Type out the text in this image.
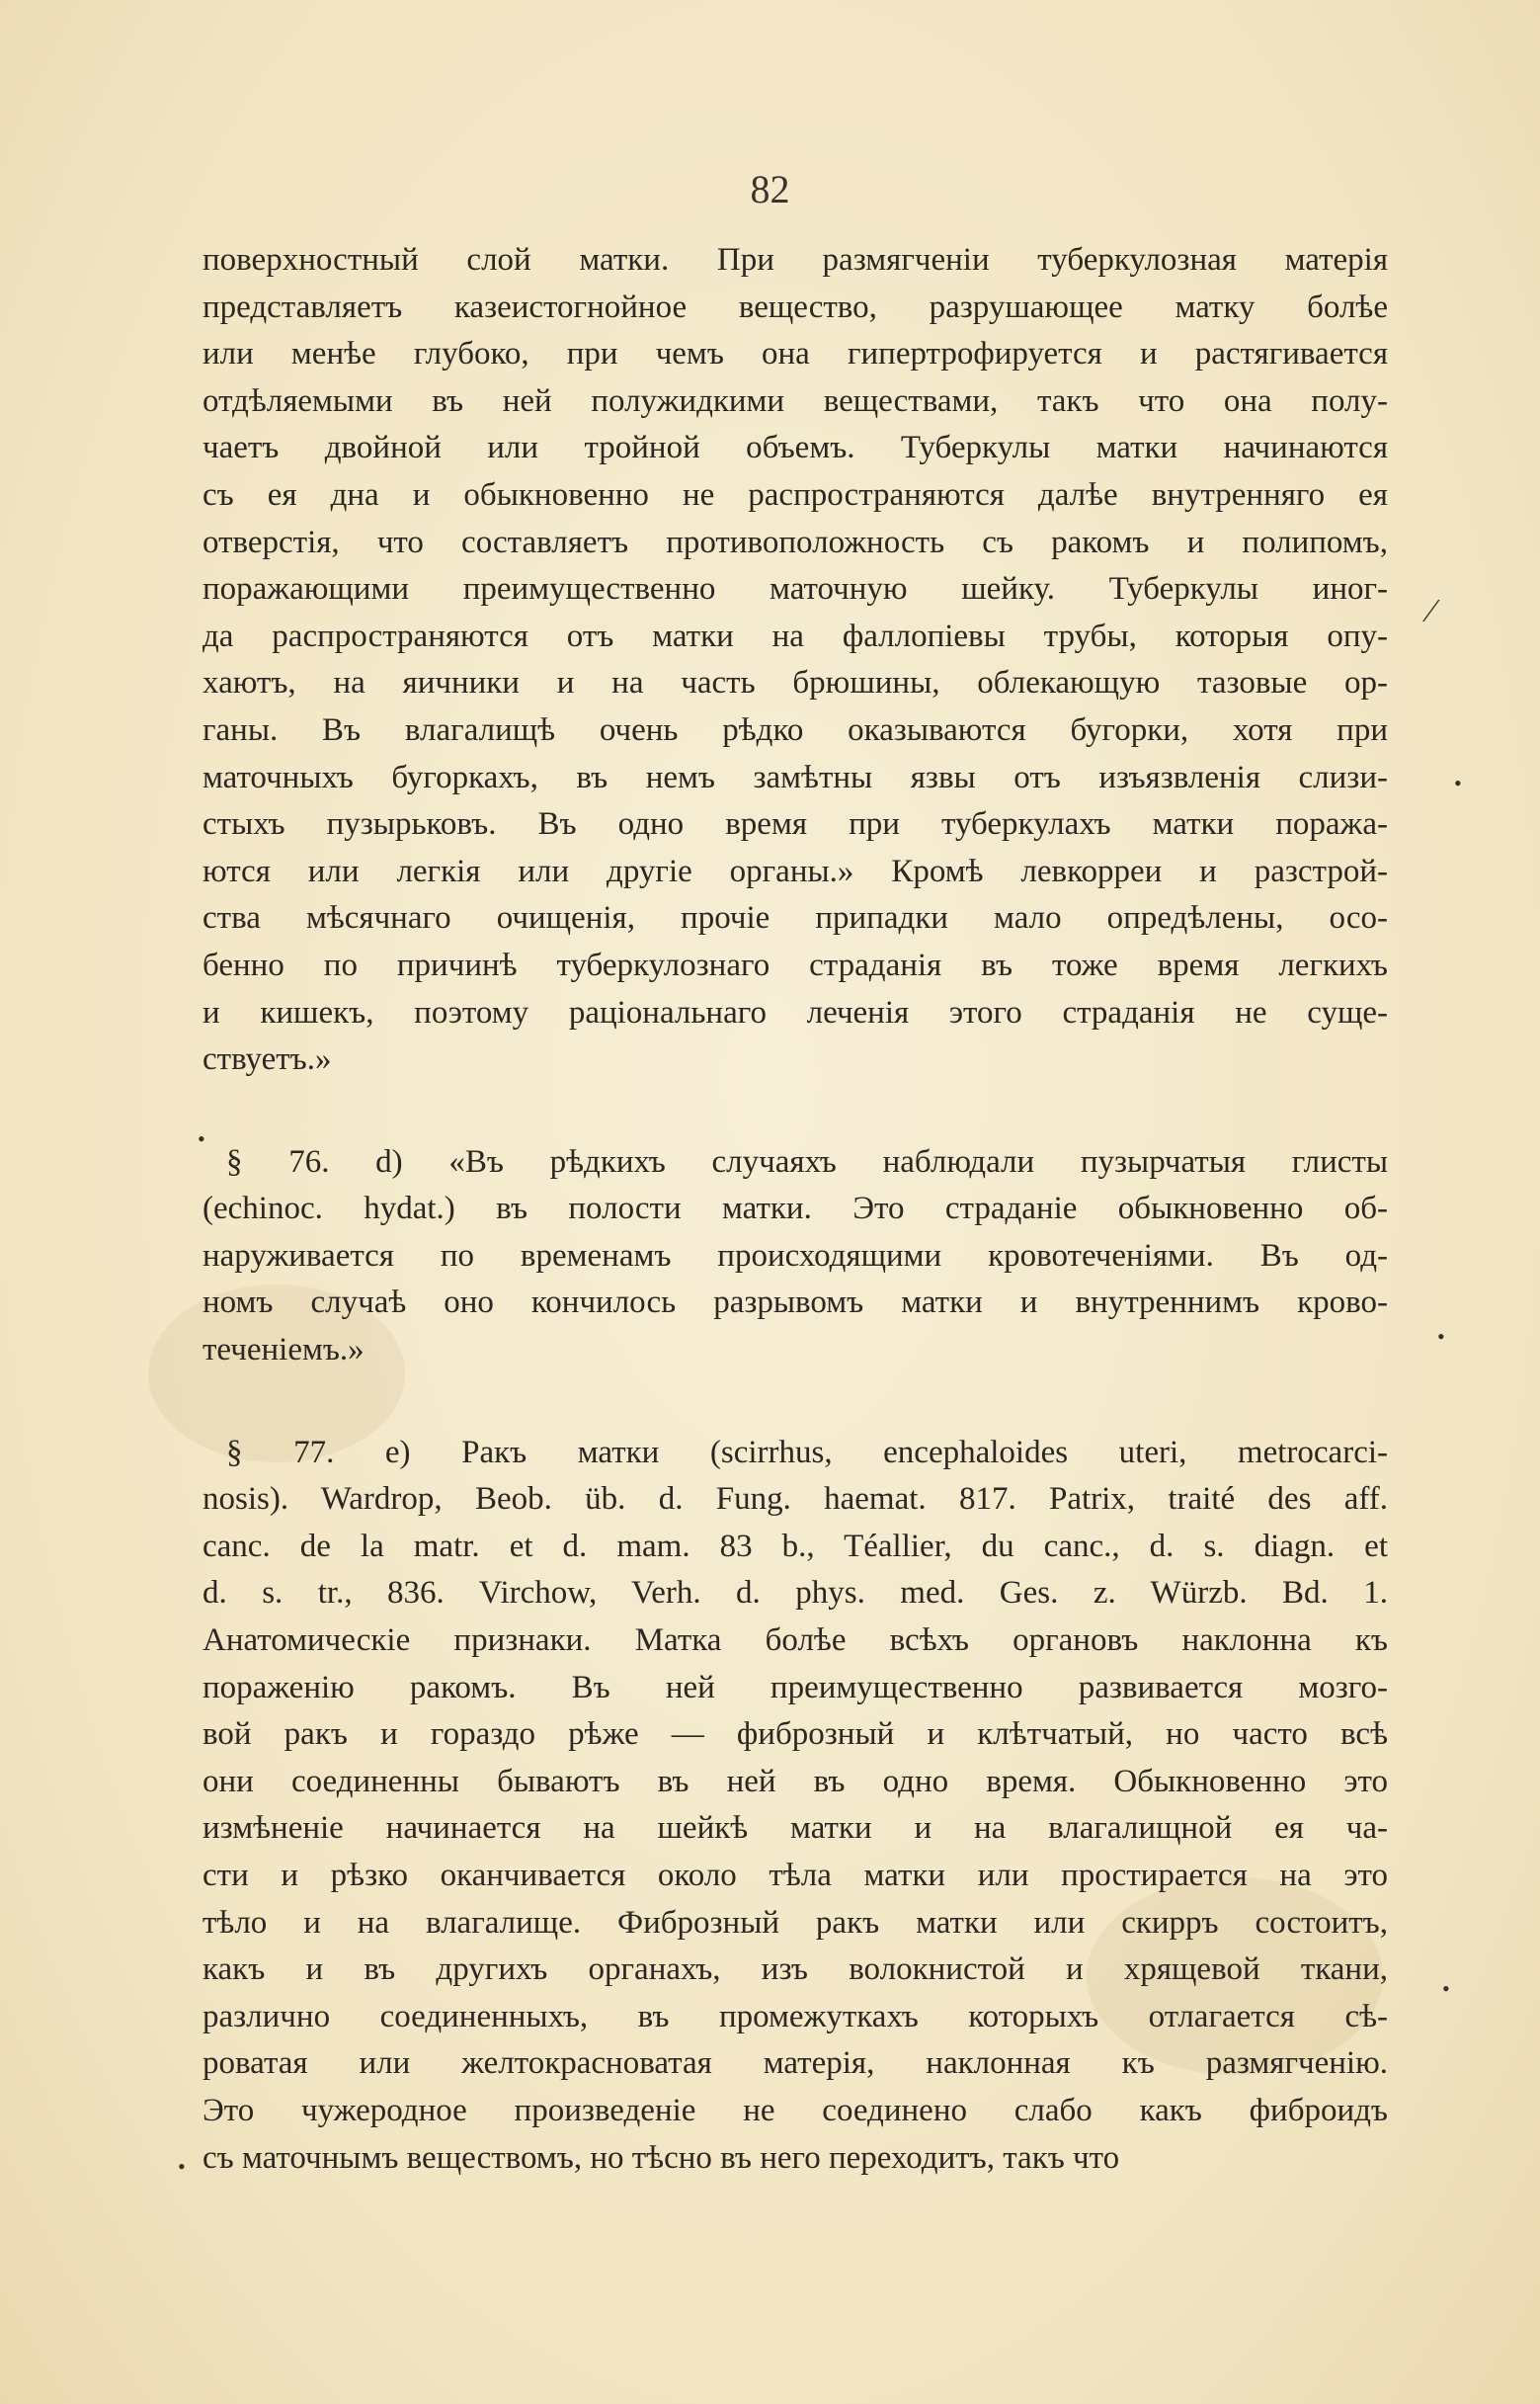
82
поверхностный слой матки. При размягченіи туберкулозная матерія
представляетъ казеистогнойное вещество, разрушающее матку болѣе
или менѣе глубоко, при чемъ она гипертрофируется и растягивается
отдѣляемыми въ ней полужидкими веществами, такъ что она полу-
чаетъ двойной или тройной объемъ. Туберкулы матки начинаются
съ ея дна и обыкновенно не распространяются далѣе внутренняго ея
отверстія, что составляетъ противоположность съ ракомъ и полипомъ,
поражающими преимущественно маточную шейку. Туберкулы иног-
да распространяются отъ матки на фаллопіевы трубы, которыя опу-
хаютъ, на яичники и на часть брюшины, облекающую тазовые ор-
ганы. Въ влагалищѣ очень рѣдко оказываются бугорки, хотя при
маточныхъ бугоркахъ, въ немъ замѣтны язвы отъ изъязвленія слизи-
стыхъ пузырьковъ. Въ одно время при туберкулахъ матки поража-
ются или легкія или другіе органы.» Кромѣ левкорреи и разстрой-
ства мѣсячнаго очищенія, прочіе припадки мало опредѣлены, осо-
бенно по причинѣ туберкулознаго страданія въ тоже время легкихъ
и кишекъ, поэтому раціональнаго леченія этого страданія не суще-
ствуетъ.»
§ 76. d) «Въ рѣдкихъ случаяхъ наблюдали пузырчатыя глисты
(echinoc. hydat.) въ полости матки. Это страданіе обыкновенно об-
наруживается по временамъ происходящими кровотеченіями. Въ од-
номъ случаѣ оно кончилось разрывомъ матки и внутреннимъ крово-
теченіемъ.»
§ 77. e) Ракъ матки (scirrhus, encephaloides uteri, metrocarci-
nosis). Wardrop, Beob. üb. d. Fung. haemat. 817. Patrix, traité des aff.
canc. de la matr. et d. mam. 83 b., Téallier, du canc., d. s. diagn. et
d. s. tr., 836. Virchow, Verh. d. phys. med. Ges. z. Würzb. Bd. 1.
Анатомическіе признаки. Матка болѣе всѣхъ органовъ наклонна къ
пораженію ракомъ. Въ ней преимущественно развивается мозго-
вой ракъ и гораздо рѣже — фиброзный и клѣтчатый, но часто всѣ
они соединенны бываютъ въ ней въ одно время. Обыкновенно это
измѣненіе начинается на шейкѣ матки и на влагалищной ея ча-
сти и рѣзко оканчивается около тѣла матки или простирается на это
тѣло и на влагалище. Фиброзный ракъ матки или скирръ состоитъ,
какъ и въ другихъ органахъ, изъ волокнистой и хрящевой ткани,
различно соединенныхъ, въ промежуткахъ которыхъ отлагается сѣ-
роватая или желтокрасноватая матерія, наклонная къ размягченію.
Это чужеродное произведеніе не соединено слабо какъ фиброидъ
съ маточнымъ веществомъ, но тѣсно въ него переходитъ, такъ что
⁄
•
•
•
•
•
